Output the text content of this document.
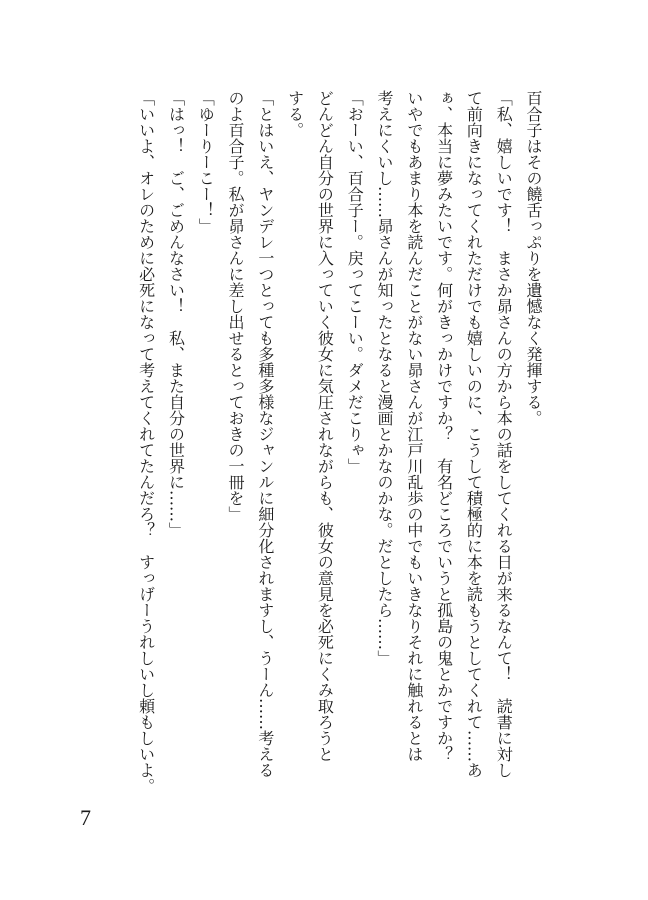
百合子はその饒舌っぷりを遺憾なく発揮する。
「私、嬉しいです！　まさか昴さんの方から本の話をしてくれる日が来るなんて！　読書に対し
て前向きになってくれただけでも嬉しいのに、こうして積極的に本を読もうとしてくれて……あ
ぁ、本当に夢みたいです。何がきっかけですか？　有名どころでいうと孤島の鬼とかですか？
いやでもあまり本を読んだことがない昴さんが江戸川乱歩の中でもいきなりそれに触れるとは
考えにくいし……昴さんが知ったとなると漫画とかなのかな。だとしたら……」
「おーい、百合子ー。戻ってこーい。ダメだこりゃ」
どんどん自分の世界に入っていく彼女に気圧されながらも、彼女の意見を必死にくみ取ろうと
する。
「とはいえ、ヤンデレ一つとっても多種多様なジャンルに細分化されますし、うーん……考える
のよ百合子。私が昴さんに差し出せるとっておきの一冊を」
「ゆーりーこー！」
「はっ！　ご、ごめんなさい！　私、また自分の世界に……」
「いいよ、オレのために必死になって考えてくれてたんだろ？　すっげーうれしいし頼もしいよ。
7
